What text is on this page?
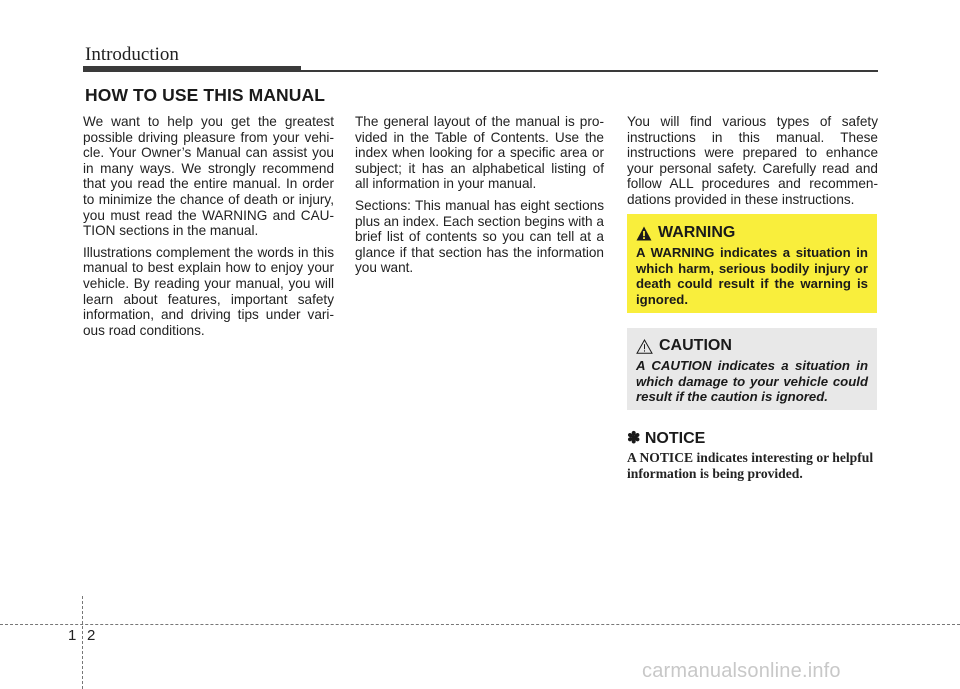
Introduction
HOW TO USE THIS MANUAL

We want to help you get the greatest possible driving pleasure from your vehicle. Your Owner’s Manual can assist you in many ways. We strongly recommend that you read the entire manual. In order to minimize the chance of death or injury, you must read the WARNING and CAUTION sections in the manual.

Illustrations complement the words in this manual to best explain how to enjoy your vehicle. By reading your manual, you will learn about features, important safety information, and driving tips under various road conditions.

The general layout of the manual is provided in the Table of Contents. Use the index when looking for a specific area or subject; it has an alphabetical listing of all information in your manual.

Sections: This manual has eight sections plus an index. Each section begins with a brief list of contents so you can tell at a glance if that section has the information you want.

You will find various types of safety instructions in this manual. These instructions were prepared to enhance your personal safety. Carefully read and follow ALL procedures and recommendations provided in these instructions.

WARNING
A WARNING indicates a situation in which harm, serious bodily injury or death could result if the warning is ignored.
CAUTION
A CAUTION indicates a situation in which damage to your vehicle could result if the caution is ignored.
✽ NOTICE
A NOTICE indicates interesting or helpful information is being provided.
1 2
carmanualsonline.info
